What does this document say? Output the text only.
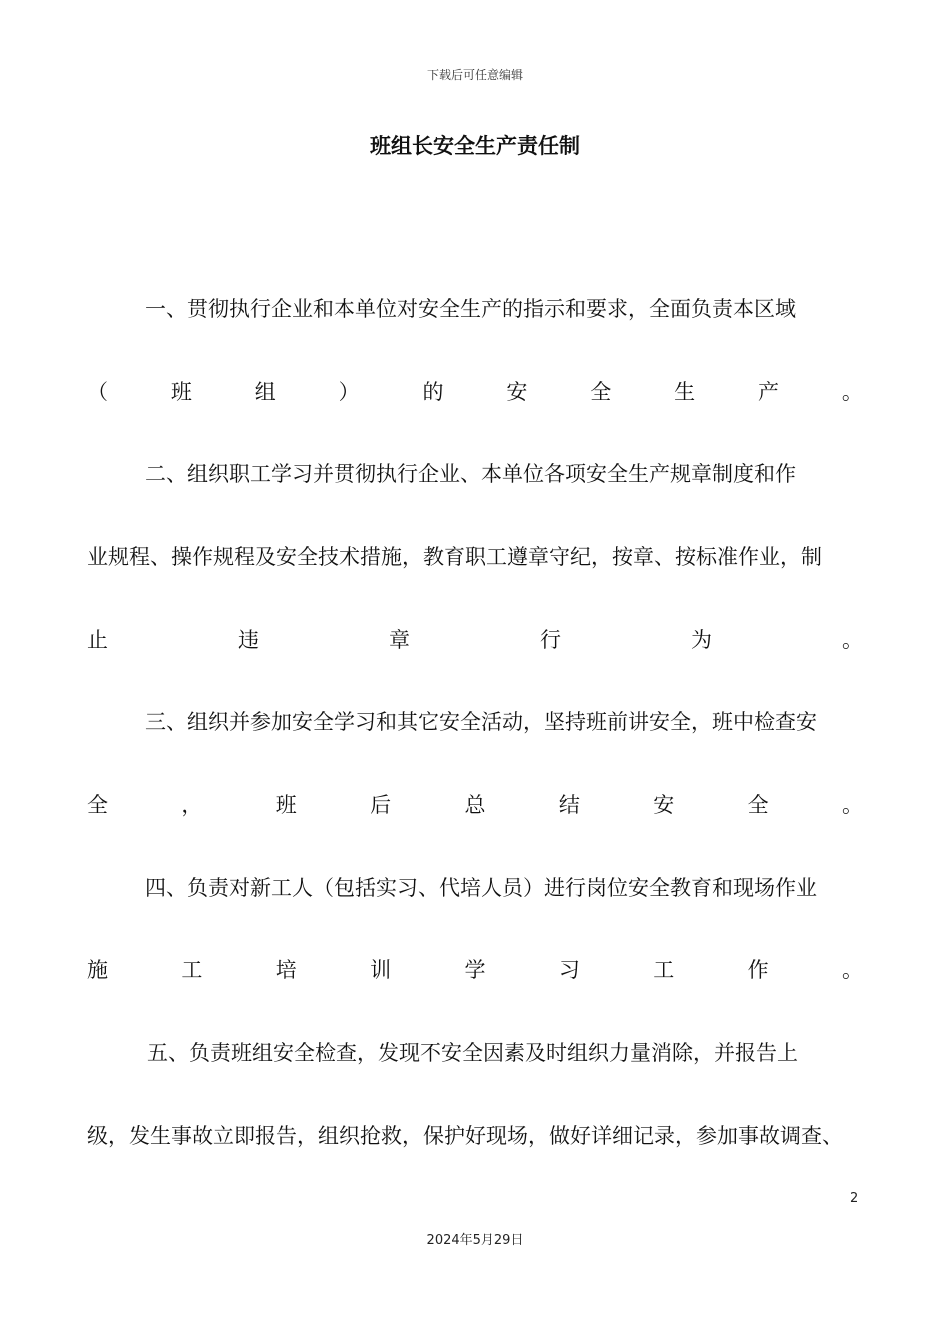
下载后可任意编辑
班组长安全生产责任制
一、贯彻执行企业和本单位对安全生产的指示和要求，全面负责本区域
（	班	组	）	的	安	全	生	产	。
二、组织职工学习并贯彻执行企业、本单位各项安全生产规章制度和作
业规程、操作规程及安全技术措施，教育职工遵章守纪，按章、按标准作业，制
止	违	章	行	为	。
三、组织并参加安全学习和其它安全活动，坚持班前讲安全，班中检查安
全	，	班	后	总	结	安	全	。
四、负责对新工人（包括实习、代培人员）进行岗位安全教育和现场作业
施	工	培	训	学	习	工	作	。
五、负责班组安全检查，发现不安全因素及时组织力量消除，并报告上
级，发生事故立即报告，组织抢救，保护好现场，做好详细记录，参加事故调查、
2
2024年5月29日
